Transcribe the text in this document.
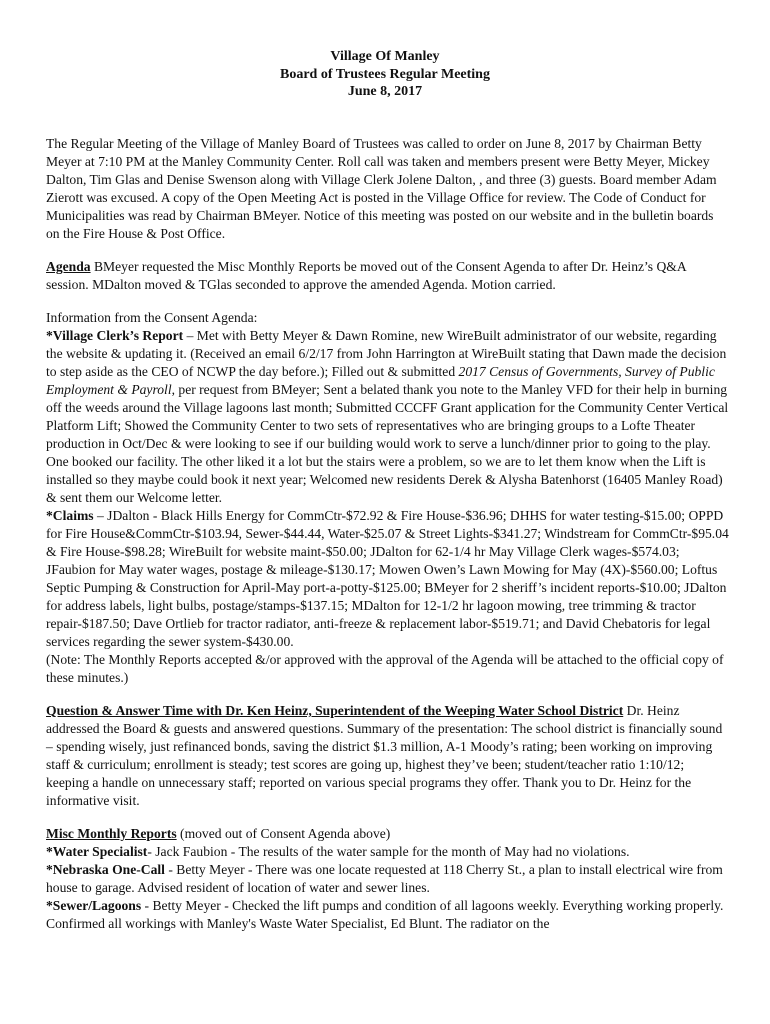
Village Of Manley
Board of Trustees Regular Meeting
June 8, 2017

The Regular Meeting of the Village of Manley Board of Trustees was called to order on June 8, 2017 by Chairman Betty Meyer at 7:10 PM at the Manley Community Center. Roll call was taken and members present were Betty Meyer, Mickey Dalton, Tim Glas and Denise Swenson along with Village Clerk Jolene Dalton, , and three (3) guests. Board member Adam Zierott was excused. A copy of the Open Meeting Act is posted in the Village Office for review. The Code of Conduct for Municipalities was read by Chairman BMeyer. Notice of this meeting was posted on our website and in the bulletin boards on the Fire House & Post Office.

Agenda BMeyer requested the Misc Monthly Reports be moved out of the Consent Agenda to after Dr. Heinz’s Q&A session. MDalton moved & TGlas seconded to approve the amended Agenda. Motion carried.

Information from the Consent Agenda:

*Village Clerk’s Report – Met with Betty Meyer & Dawn Romine, new WireBuilt administrator of our website, regarding the website & updating it. (Received an email 6/2/17 from John Harrington at WireBuilt stating that Dawn made the decision to step aside as the CEO of NCWP the day before.); Filled out & submitted 2017 Census of Governments, Survey of Public Employment & Payroll, per request from BMeyer; Sent a belated thank you note to the Manley VFD for their help in burning off the weeds around the Village lagoons last month; Submitted CCCFF Grant application for the Community Center Vertical Platform Lift; Showed the Community Center to two sets of representatives who are bringing groups to a Lofte Theater production in Oct/Dec & were looking to see if our building would work to serve a lunch/dinner prior to going to the play. One booked our facility. The other liked it a lot but the stairs were a problem, so we are to let them know when the Lift is installed so they maybe could book it next year; Welcomed new residents Derek & Alysha Batenhorst (16405 Manley Road) & sent them our Welcome letter.

*Claims – JDalton - Black Hills Energy for CommCtr-$72.92 & Fire House-$36.96; DHHS for water testing-$15.00; OPPD for Fire House&CommCtr-$103.94, Sewer-$44.44, Water-$25.07 & Street Lights-$341.27; Windstream for CommCtr-$95.04 & Fire House-$98.28; WireBuilt for website maint-$50.00; JDalton for 62-1/4 hr May Village Clerk wages-$574.03; JFaubion for May water wages, postage & mileage-$130.17; Mowen Owen’s Lawn Mowing for May (4X)-$560.00; Loftus Septic Pumping & Construction for April-May port-a-potty-$125.00; BMeyer for 2 sheriff’s incident reports-$10.00; JDalton for address labels, light bulbs, postage/stamps-$137.15; MDalton for 12-1/2 hr lagoon mowing, tree trimming & tractor repair-$187.50; Dave Ortlieb for tractor radiator, anti-freeze & replacement labor-$519.71; and David Chebatoris for legal services regarding the sewer system-$430.00.

(Note: The Monthly Reports accepted &/or approved with the approval of the Agenda will be attached to the official copy of these minutes.)

Question & Answer Time with Dr. Ken Heinz, Superintendent of the Weeping Water School District Dr. Heinz addressed the Board & guests and answered questions. Summary of the presentation: The school district is financially sound – spending wisely, just refinanced bonds, saving the district $1.3 million, A-1 Moody’s rating; been working on improving staff & curriculum; enrollment is steady; test scores are going up, highest they’ve been; student/teacher ratio 1:10/12; keeping a handle on unnecessary staff; reported on various special programs they offer. Thank you to Dr. Heinz for the informative visit.

Misc Monthly Reports (moved out of Consent Agenda above)

*Water Specialist- Jack Faubion - The results of the water sample for the month of May had no violations.

*Nebraska One-Call - Betty Meyer - There was one locate requested at 118 Cherry St., a plan to install electrical wire from house to garage. Advised resident of location of water and sewer lines.

*Sewer/Lagoons - Betty Meyer - Checked the lift pumps and condition of all lagoons weekly. Everything working properly. Confirmed all workings with Manley's Waste Water Specialist, Ed Blunt. The radiator on the
